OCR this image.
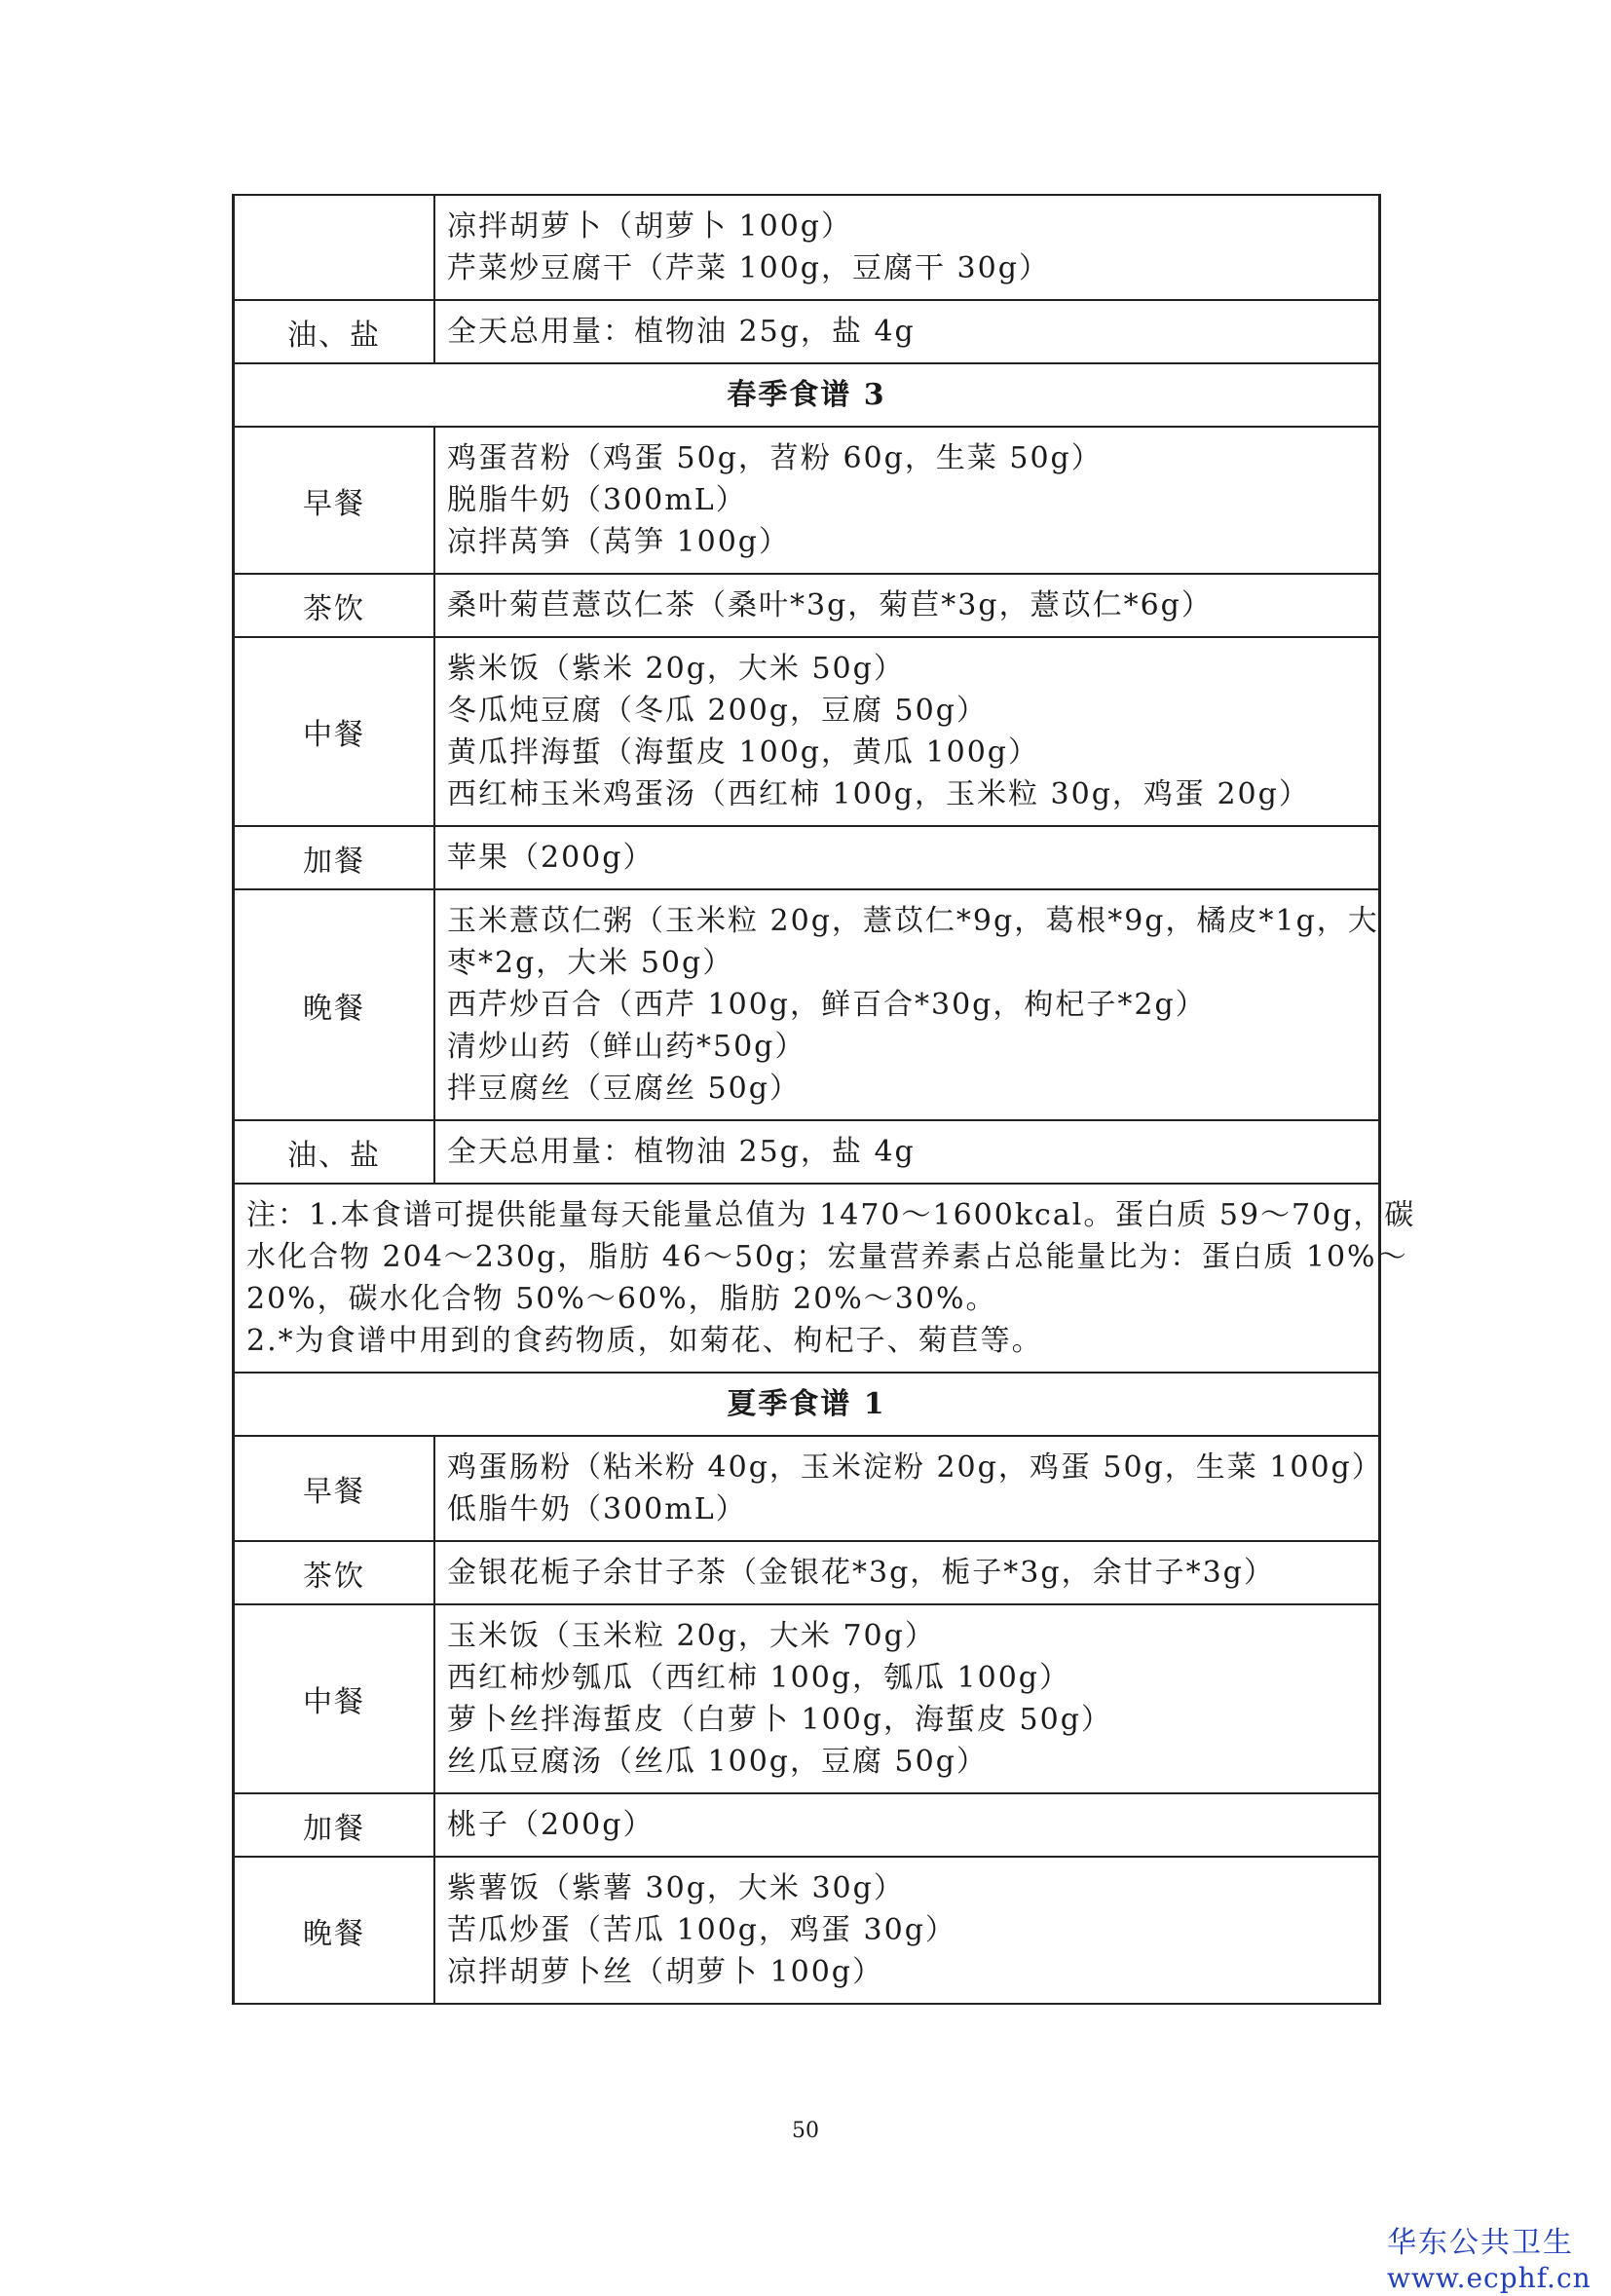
	凉拌胡萝卜（胡萝卜 100g）
芹菜炒豆腐干（芹菜 100g，豆腐干 30g）

油、盐	全天总用量：植物油 25g，盐 4g

春季食谱 3	
早餐	鸡蛋苕粉（鸡蛋 50g，苕粉 60g，生菜 50g）
脱脂牛奶（300mL）
凉拌莴笋（莴笋 100g）

茶饮	桑叶菊苣薏苡仁茶（桑叶*3g，菊苣*3g，薏苡仁*6g）

中餐	紫米饭（紫米 20g，大米 50g）
冬瓜炖豆腐（冬瓜 200g，豆腐 50g）
黄瓜拌海蜇（海蜇皮 100g，黄瓜 100g）
西红柿玉米鸡蛋汤（西红柿 100g，玉米粒 30g，鸡蛋 20g）

加餐	苹果（200g）

晚餐	玉米薏苡仁粥（玉米粒 20g，薏苡仁*9g，葛根*9g，橘皮*1g，大
枣*2g，大米 50g）
西芹炒百合（西芹 100g，鲜百合*30g，枸杞子*2g）
清炒山药（鲜山药*50g）
拌豆腐丝（豆腐丝 50g）

油、盐	全天总用量：植物油 25g，盐 4g

注：1.本食谱可提供能量每天能量总值为 1470～1600kcal。蛋白质 59～70g，碳
水化合物 204～230g，脂肪 46～50g；宏量营养素占总能量比为：蛋白质 10%～
20%，碳水化合物 50%～60%，脂肪 20%～30%。
2.*为食谱中用到的食药物质，如菊花、枸杞子、菊苣等。	

夏季食谱 1	
早餐	鸡蛋肠粉（粘米粉 40g，玉米淀粉 20g，鸡蛋 50g，生菜 100g）
低脂牛奶（300mL）

茶饮	金银花栀子余甘子茶（金银花*3g，栀子*3g，余甘子*3g）

中餐	玉米饭（玉米粒 20g，大米 70g）
西红柿炒瓠瓜（西红柿 100g，瓠瓜 100g）
萝卜丝拌海蜇皮（白萝卜 100g，海蜇皮 50g）
丝瓜豆腐汤（丝瓜 100g，豆腐 50g）

加餐	桃子（200g）

晚餐	紫薯饭（紫薯 30g，大米 30g）
苦瓜炒蛋（苦瓜 100g，鸡蛋 30g）
凉拌胡萝卜丝（胡萝卜 100g）
50
华东公共卫生
www.ecphf.cn
